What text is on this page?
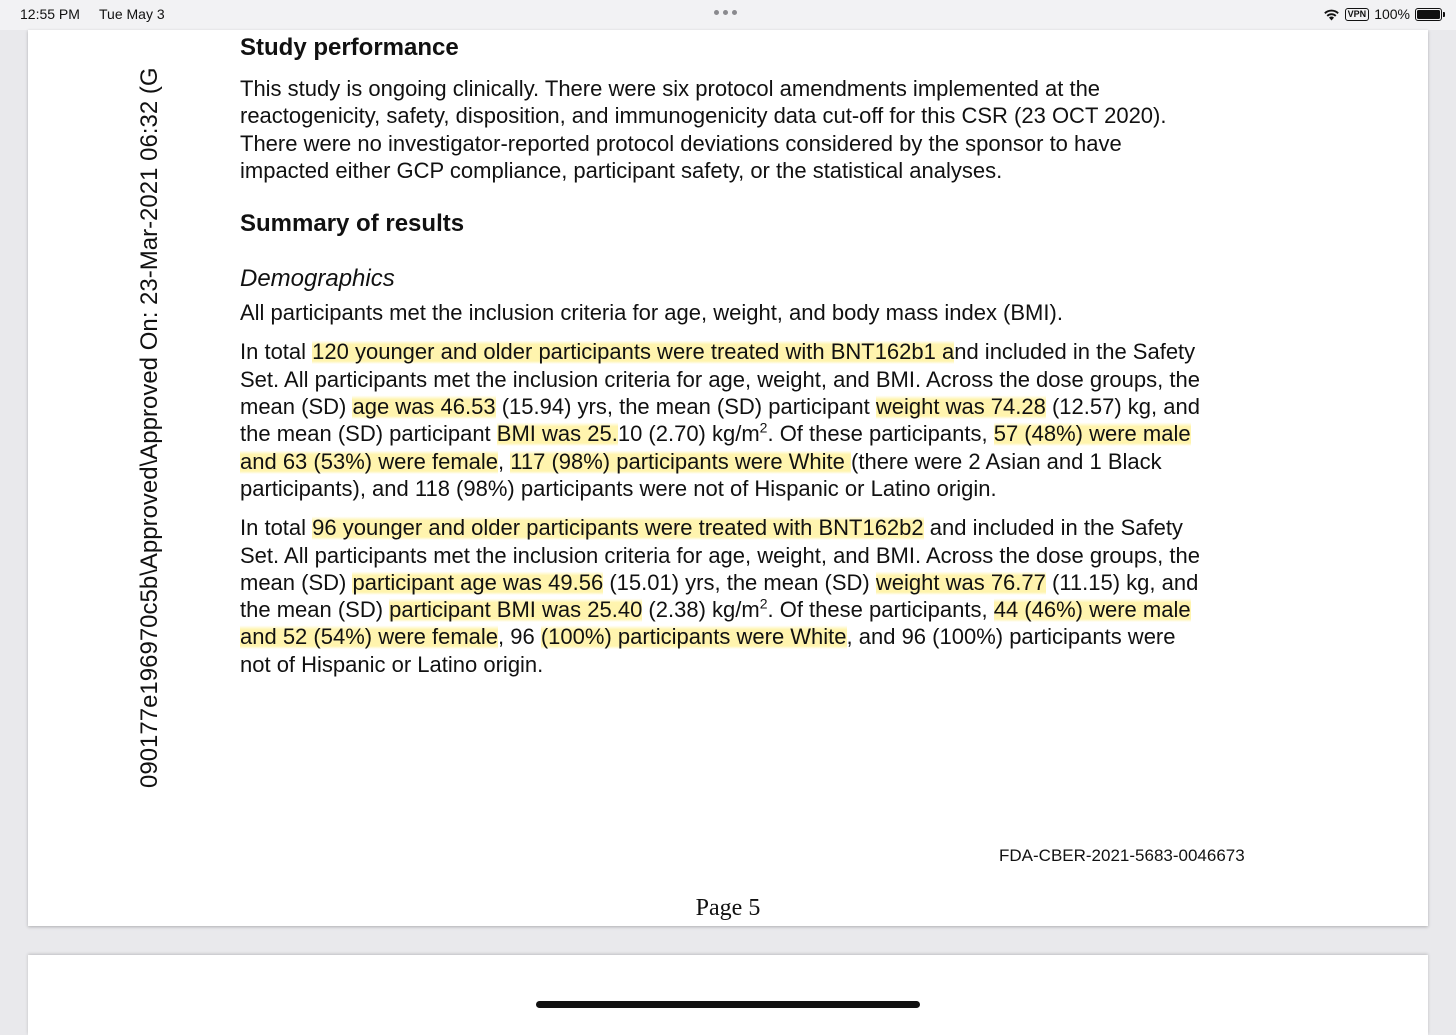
12:55 PM Tue May 3	VPN 100%
090177e196970c5b\Approved\Approved On: 23-Mar-2021 06:32 (G
Study performance
This study is ongoing clinically. There were six protocol amendments implemented at the
reactogenicity, safety, disposition, and immunogenicity data cut-off for this CSR (23 OCT 2020).
There were no investigator-reported protocol deviations considered by the sponsor to have
impacted either GCP compliance, participant safety, or the statistical analyses.
Summary of results
Demographics
All participants met the inclusion criteria for age, weight, and body mass index (BMI).
In total 120 younger and older participants were treated with BNT162b1 and included in the Safety
Set. All participants met the inclusion criteria for age, weight, and BMI. Across the dose groups, the
mean (SD) age was 46.53 (15.94) yrs, the mean (SD) participant weight was 74.28 (12.57) kg, and
the mean (SD) participant BMI was 25.10 (2.70) $kg/m^2$. Of these participants, 57 (48%) were male
and 63 (53%) were female, 117 (98%) participants were White (there were 2 Asian and 1 Black
participants), and 118 (98%) participants were not of Hispanic or Latino origin.
In total 96 younger and older participants were treated with BNT162b2 and included in the Safety
Set. All participants met the inclusion criteria for age, weight, and BMI. Across the dose groups, the
mean (SD) participant age was 49.56 (15.01) yrs, the mean (SD) weight was 76.77 (11.15) kg, and
the mean (SD) participant BMI was 25.40 (2.38) $kg/m^2$. Of these participants, 44 (46%) were male
and 52 (54%) were female, 96 (100%) participants were White, and 96 (100%) participants were
not of Hispanic or Latino origin.
FDA-CBER-2021-5683-0046673
Page 5
